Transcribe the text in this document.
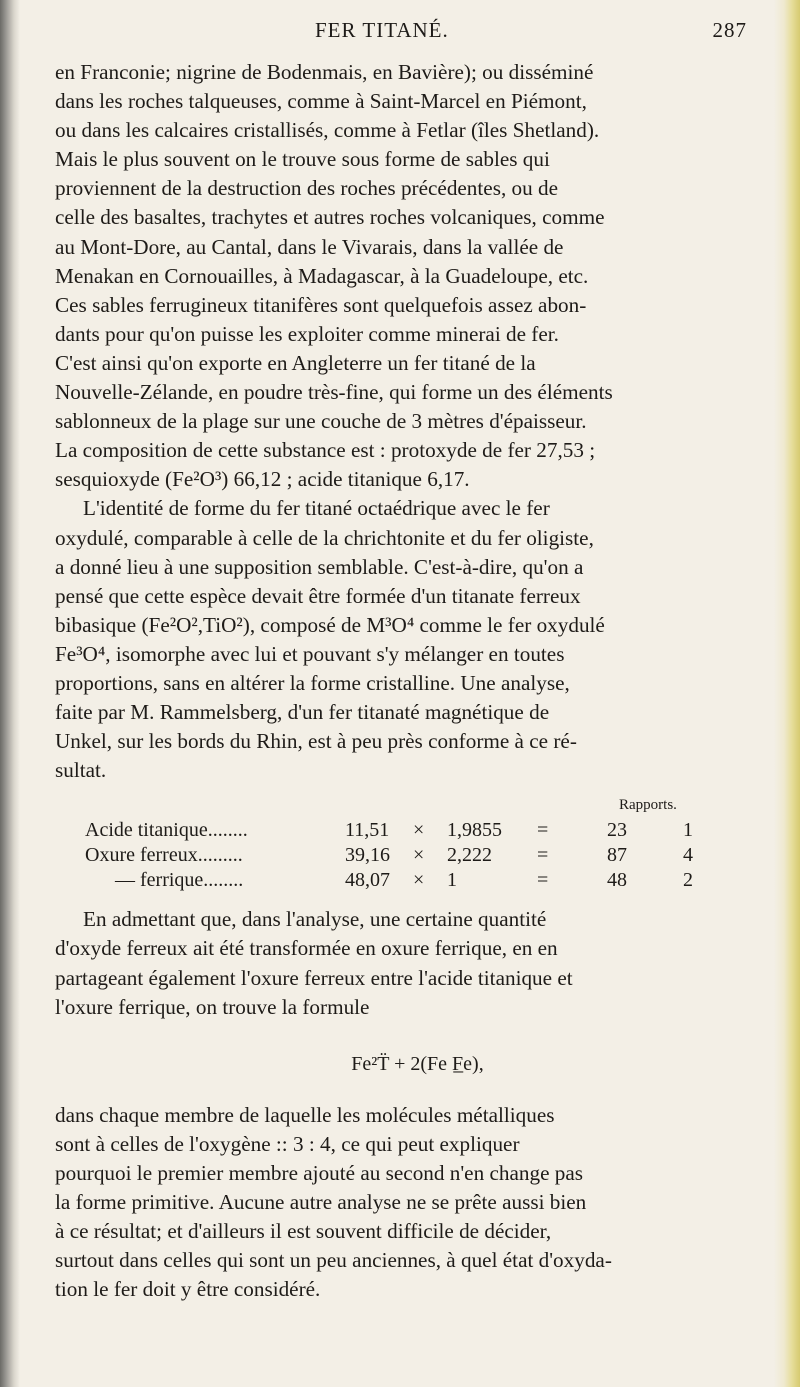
FER TITANÉ.	287

en Franconie; nigrine de Bodenmais, en Bavière); ou disséminé
dans les roches talqueuses, comme à Saint-Marcel en Piémont,
ou dans les calcaires cristallisés, comme à Fetlar (îles Shetland).
Mais le plus souvent on le trouve sous forme de sables qui
proviennent de la destruction des roches précédentes, ou de
celle des basaltes, trachytes et autres roches volcaniques, comme
au Mont-Dore, au Cantal, dans le Vivarais, dans la vallée de
Menakan en Cornouailles, à Madagascar, à la Guadeloupe, etc.
Ces sables ferrugineux titanifères sont quelquefois assez abon-
dants pour qu'on puisse les exploiter comme minerai de fer.
C'est ainsi qu'on exporte en Angleterre un fer titané de la
Nouvelle-Zélande, en poudre très-fine, qui forme un des éléments
sablonneux de la plage sur une couche de 3 mètres d'épaisseur.
La composition de cette substance est : protoxyde de fer 27,53 ;
sesquioxyde (Fe²O³) 66,12 ; acide titanique 6,17.

L'identité de forme du fer titané octaédrique avec le fer
oxydulé, comparable à celle de la chrichtonite et du fer oligiste,
a donné lieu à une supposition semblable. C'est-à-dire, qu'on a
pensé que cette espèce devait être formée d'un titanate ferreux
bibasique (Fe²O²,TiO²), composé de M³O⁴ comme le fer oxydulé
Fe³O⁴, isomorphe avec lui et pouvant s'y mélanger en toutes
proportions, sans en altérer la forme cristalline. Une analyse,
faite par M. Rammelsberg, d'un fer titanaté magnétique de
Unkel, sur les bords du Rhin, est à peu près conforme à ce ré-
sultat.

Rapports.
Acide titanique........	11,51 × 1,9855 =	23	1
Oxure ferreux.........	39,16 × 2,222 =	87	4
— ferrique........	48,07 × 1	=	48	2

En admettant que, dans l'analyse, une certaine quantité
d'oxyde ferreux ait été transformée en oxure ferrique, en en
partageant également l'oxure ferreux entre l'acide titanique et
l'oxure ferrique, on trouve la formule

Fe²T̈ + 2(Fe F̲e),

dans chaque membre de laquelle les molécules métalliques
sont à celles de l'oxygène :: 3 : 4, ce qui peut expliquer
pourquoi le premier membre ajouté au second n'en change pas
la forme primitive. Aucune autre analyse ne se prête aussi bien
à ce résultat; et d'ailleurs il est souvent difficile de décider,
surtout dans celles qui sont un peu anciennes, à quel état d'oxyda-
tion le fer doit y être considéré.
